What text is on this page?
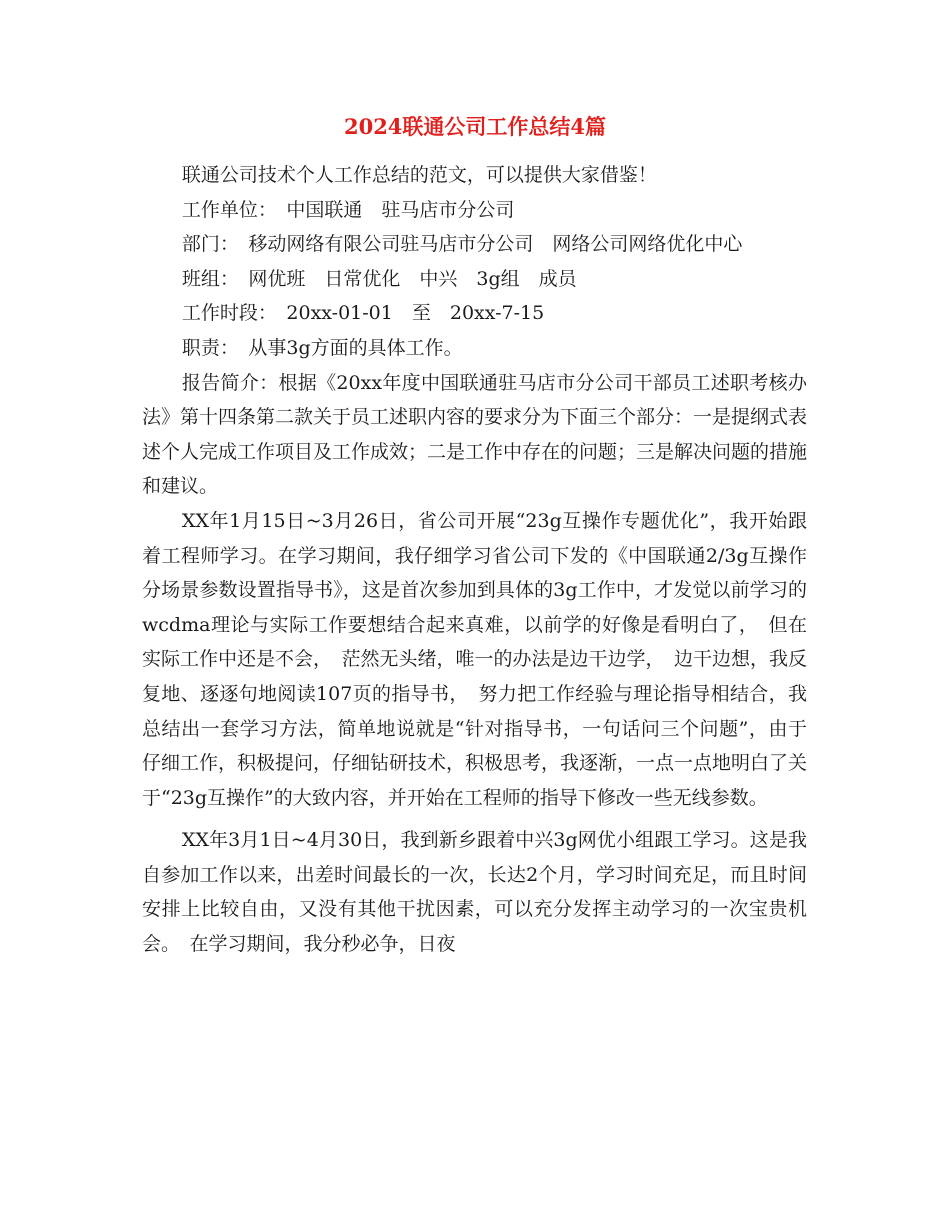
2024联通公司工作总结4篇

联通公司技术个人工作总结的范文，可以提供大家借鉴！

工作单位：　中国联通　驻马店市分公司

部门：　移动网络有限公司驻马店市分公司　网络公司网络优化中心

班组：　网优班　日常优化　中兴　3g组　成员

工作时段：　20xx-01-01　至　20xx-7-15

职责：　从事3g方面的具体工作。

报告简介：根据《20xx年度中国联通驻马店市分公司干部员工述职考核办法》第十四条第二款关于员工述职内容的要求分为下面三个部分：一是提纲式表述个人完成工作项目及工作成效；二是工作中存在的问题；三是解决问题的措施和建议。

XX年1月15日~3月26日，省公司开展“23g互操作专题优化”，我开始跟着工程师学习。在学习期间，我仔细学习省公司下发的《中国联通2/3g互操作分场景参数设置指导书》，这是首次参加到具体的3g工作中，才发觉以前学习的wcdma理论与实际工作要想结合起来真难，以前学的好像是看明白了，　但在实际工作中还是不会，　茫然无头绪，唯一的办法是边干边学，　边干边想，我反复地、逐逐句地阅读107页的指导书，　努力把工作经验与理论指导相结合，我总结出一套学习方法，简单地说就是“针对指导书，一句话问三个问题”，由于仔细工作，积极提问，仔细钻研技术，积极思考，我逐渐，一点一点地明白了关于“23g互操作”的大致内容，并开始在工程师的指导下修改一些无线参数。

XX年3月1日~4月30日，我到新乡跟着中兴3g网优小组跟工学习。这是我自参加工作以来，出差时间最长的一次，长达2个月，学习时间充足，而且时间安排上比较自由，又没有其他干扰因素，可以充分发挥主动学习的一次宝贵机会。　在学习期间，我分秒必争，日夜
